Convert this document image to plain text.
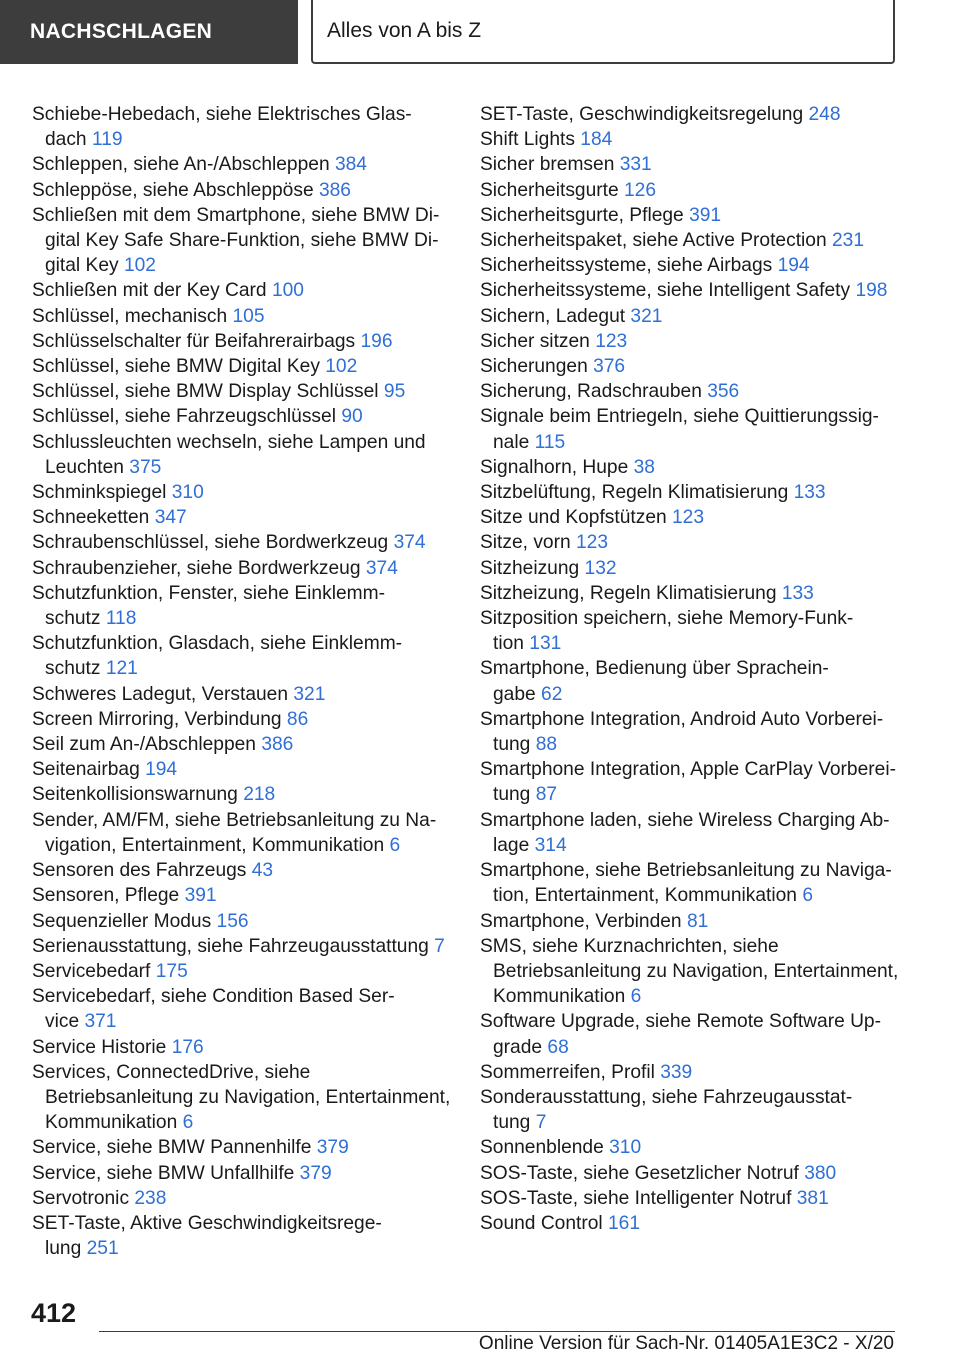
NACHSCHLAGEN	Alles von A bis Z
Schiebe-Hebedach, siehe Elektrisches Glas-
dach 119
Schleppen, siehe An-/Abschleppen 384
Schleppöse, siehe Abschleppöse 386
Schließen mit dem Smartphone, siehe BMW Di-
gital Key Safe Share-Funktion, siehe BMW Di-
gital Key 102
Schließen mit der Key Card 100
Schlüssel, mechanisch 105
Schlüsselschalter für Beifahrerairbags 196
Schlüssel, siehe BMW Digital Key 102
Schlüssel, siehe BMW Display Schlüssel 95
Schlüssel, siehe Fahrzeugschlüssel 90
Schlussleuchten wechseln, siehe Lampen und
Leuchten 375
Schminkspiegel 310
Schneeketten 347
Schraubenschlüssel, siehe Bordwerkzeug 374
Schraubenzieher, siehe Bordwerkzeug 374
Schutzfunktion, Fenster, siehe Einklemm-
schutz 118
Schutzfunktion, Glasdach, siehe Einklemm-
schutz 121
Schweres Ladegut, Verstauen 321
Screen Mirroring, Verbindung 86
Seil zum An-/Abschleppen 386
Seitenairbag 194
Seitenkollisionswarnung 218
Sender, AM/FM, siehe Betriebsanleitung zu Na-
vigation, Entertainment, Kommunikation 6
Sensoren des Fahrzeugs 43
Sensoren, Pflege 391
Sequenzieller Modus 156
Serienausstattung, siehe Fahrzeugausstattung 7
Servicebedarf 175
Servicebedarf, siehe Condition Based Ser-
vice 371
Service Historie 176
Services, ConnectedDrive, siehe
Betriebsanleitung zu Navigation, Entertainment,
Kommunikation 6
Service, siehe BMW Pannenhilfe 379
Service, siehe BMW Unfallhilfe 379
Servotronic 238
SET-Taste, Aktive Geschwindigkeitsrege-
lung 251
SET-Taste, Geschwindigkeitsregelung 248
Shift Lights 184
Sicher bremsen 331
Sicherheitsgurte 126
Sicherheitsgurte, Pflege 391
Sicherheitspaket, siehe Active Protection 231
Sicherheitssysteme, siehe Airbags 194
Sicherheitssysteme, siehe Intelligent Safety 198
Sichern, Ladegut 321
Sicher sitzen 123
Sicherungen 376
Sicherung, Radschrauben 356
Signale beim Entriegeln, siehe Quittierungssig-
nale 115
Signalhorn, Hupe 38
Sitzbelüftung, Regeln Klimatisierung 133
Sitze und Kopfstützen 123
Sitze, vorn 123
Sitzheizung 132
Sitzheizung, Regeln Klimatisierung 133
Sitzposition speichern, siehe Memory-Funk-
tion 131
Smartphone, Bedienung über Sprachein-
gabe 62
Smartphone Integration, Android Auto Vorberei-
tung 88
Smartphone Integration, Apple CarPlay Vorberei-
tung 87
Smartphone laden, siehe Wireless Charging Ab-
lage 314
Smartphone, siehe Betriebsanleitung zu Naviga-
tion, Entertainment, Kommunikation 6
Smartphone, Verbinden 81
SMS, siehe Kurznachrichten, siehe
Betriebsanleitung zu Navigation, Entertainment,
Kommunikation 6
Software Upgrade, siehe Remote Software Up-
grade 68
Sommerreifen, Profil 339
Sonderausstattung, siehe Fahrzeugausstat-
tung 7
Sonnenblende 310
SOS-Taste, siehe Gesetzlicher Notruf 380
SOS-Taste, siehe Intelligenter Notruf 381
Sound Control 161
412
Online Version für Sach-Nr. 01405A1E3C2 - X/20
